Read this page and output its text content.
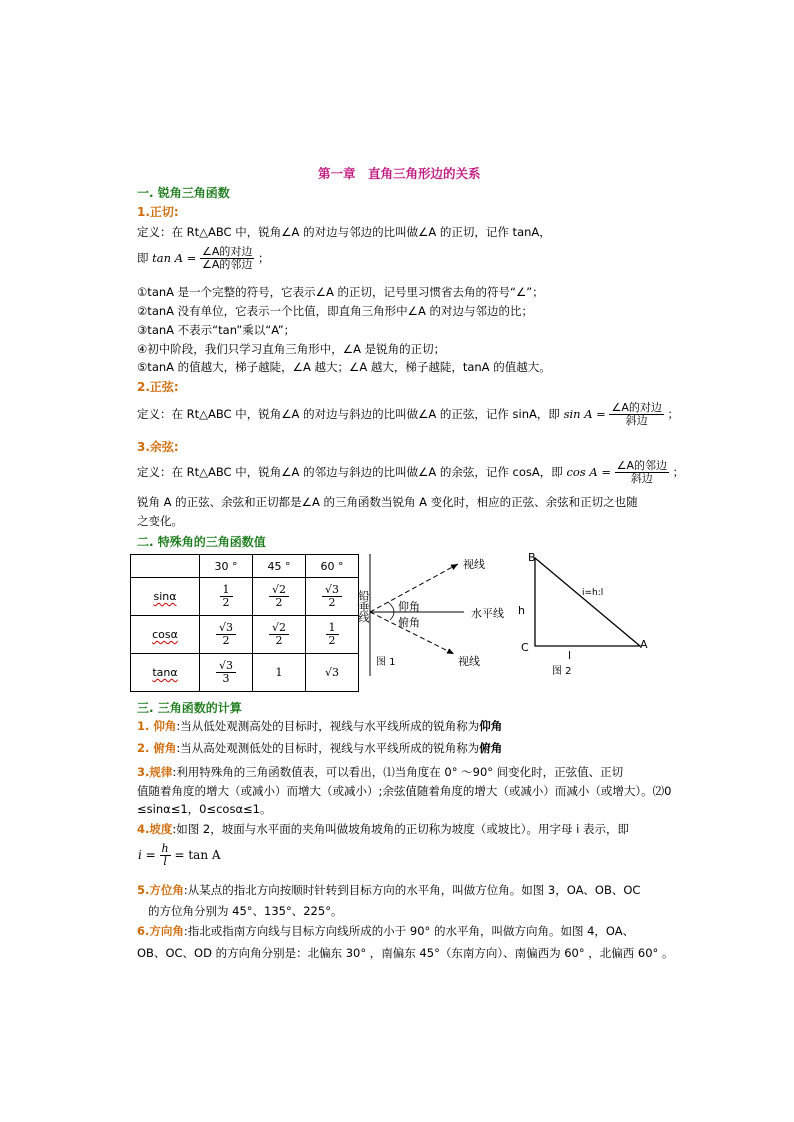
第一章　直角三角形边的关系
一. 锐角三角函数
1.正切:
定义：在 Rt△ABC 中，锐角∠A 的对边与邻边的比叫做∠A 的正切，记作 tanA，
即 $\tan A = \frac{\text{∠A的对边}}{\text{∠A的邻边}}$ ；
①tanA 是一个完整的符号，它表示∠A 的正切，记号里习惯省去角的符号“∠”；
②tanA 没有单位，它表示一个比值，即直角三角形中∠A 的对边与邻边的比；
③tanA 不表示“tan”乘以“A”；
④初中阶段，我们只学习直角三角形中，∠A 是锐角的正切；
⑤tanA 的值越大，梯子越陡，∠A 越大；∠A 越大，梯子越陡，tanA 的值越大。
2.正弦:
定义：在 Rt△ABC 中，锐角∠A 的对边与斜边的比叫做∠A 的正弦，记作 sinA，即 $\sin A = \frac{\text{∠A的对边}}{\text{斜边}}$ ；
3.余弦:
定义：在 Rt△ABC 中，锐角∠A 的邻边与斜边的比叫做∠A 的余弦，记作 cosA，即 $\cos A = \frac{\text{∠A的邻边}}{\text{斜边}}$ ；
锐角 A 的正弦、余弦和正切都是∠A 的三角函数当锐角 A 变化时，相应的正弦、余弦和正切之也随
之变化。
二. 特殊角的三角函数值
	30 °	45 °	60 °
sinα	$\frac{1}{2}$	$\frac{√2}{2}$	$\frac{√3}{2}$

cosα	$\frac{√3}{2}$	$\frac{√2}{2}$	$\frac{1}{2}$

tanα	$\frac{√3}{3}$	1	√3
铅垂线
视线
水平线
仰角
俯角
视线
图 1
B
C	A
h
l
i=h:l
图 2
三. 三角函数的计算
1. 仰角:当从低处观测高处的目标时，视线与水平线所成的锐角称为仰角
2. 俯角:当从高处观测低处的目标时，视线与水平线所成的锐角称为俯角
3.规律:利用特殊角的三角函数值表，可以看出，⑴当角度在 0° ～90° 间变化时，正弦值、正切
值随着角度的增大（或减小）而增大（或减小）;余弦值随着角度的增大（或减小）而减小（或增大）。⑵0
≤sinα≤1，0≤cosα≤1。
4.坡度:如图 2，坡面与水平面的夹角叫做坡角坡角的正切称为坡度（或坡比）。用字母 i 表示，即
$i = \frac{h}{l} = \tan A$
5.方位角:从某点的指北方向按顺时针转到目标方向的水平角，叫做方位角。如图 3，OA、OB、OC
的方位角分别为 45°、135°、225°。
6.方向角:指北或指南方向线与目标方向线所成的小于 90° 的水平角，叫做方向角。如图 4，OA、
OB、OC、OD 的方向角分别是：北偏东 30° ，南偏东 45°（东南方向）、南偏西为 60° ，北偏西 60° 。
